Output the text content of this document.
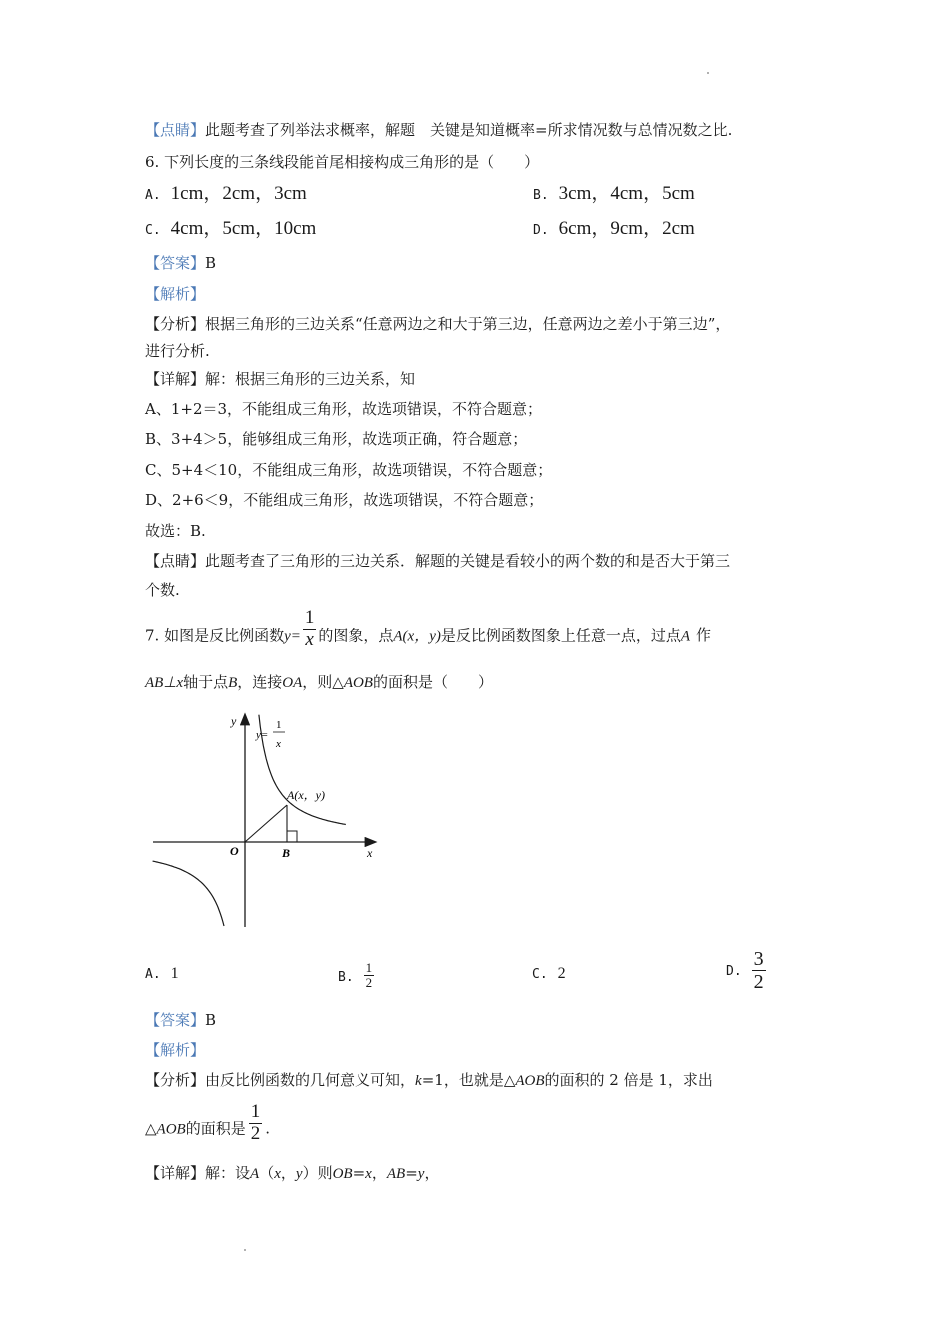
【点睛】此题考查了列举法求概率，解题　关键是知道概率=所求情况数与总情况数之比.
6. 下列长度的三条线段能首尾相接构成三角形的是（　　）
A. 1cm，2cm，3cm	B. 3cm，4cm，5cm
C. 4cm，5cm，10cm	D. 6cm，9cm，2cm
【答案】B
【解析】
【分析】根据三角形的三边关系“任意两边之和大于第三边，任意两边之差小于第三边”，
进行分析.
【详解】解：根据三角形的三边关系，知
A、1+2＝3，不能组成三角形，故选项错误，不符合题意；
B、3+4＞5，能够组成三角形，故选项正确，符合题意；
C、5+4＜10，不能组成三角形，故选项错误，不符合题意；
D、2+6＜9，不能组成三角形，故选项错误，不符合题意；
故选：B.
【点睛】此题考查了三角形的三边关系．解题的关键是看较小的两个数的和是否大于第三
个数.
7. 如图是反比例函数$y= \frac{1}{x}$ 的图象，点A(x，y)是反比例函数图象上任意一点，过点A 作
AB⊥x轴于点B，连接OA，则△AOB的面积是（　　）
y
x
O	B
A(x，y)
y=
1
x
A. 1	B. $\frac{1}{2}$	C. 2	D. $\frac{3}{2}$
【答案】B
【解析】
【分析】由反比例函数的几何意义可知，k=1，也就是△AOB的面积的 2 倍是 1，求出
△AOB的面积是 $\frac{1}{2}$ .
【详解】解：设A（x，y）则OB=x，AB=y，
